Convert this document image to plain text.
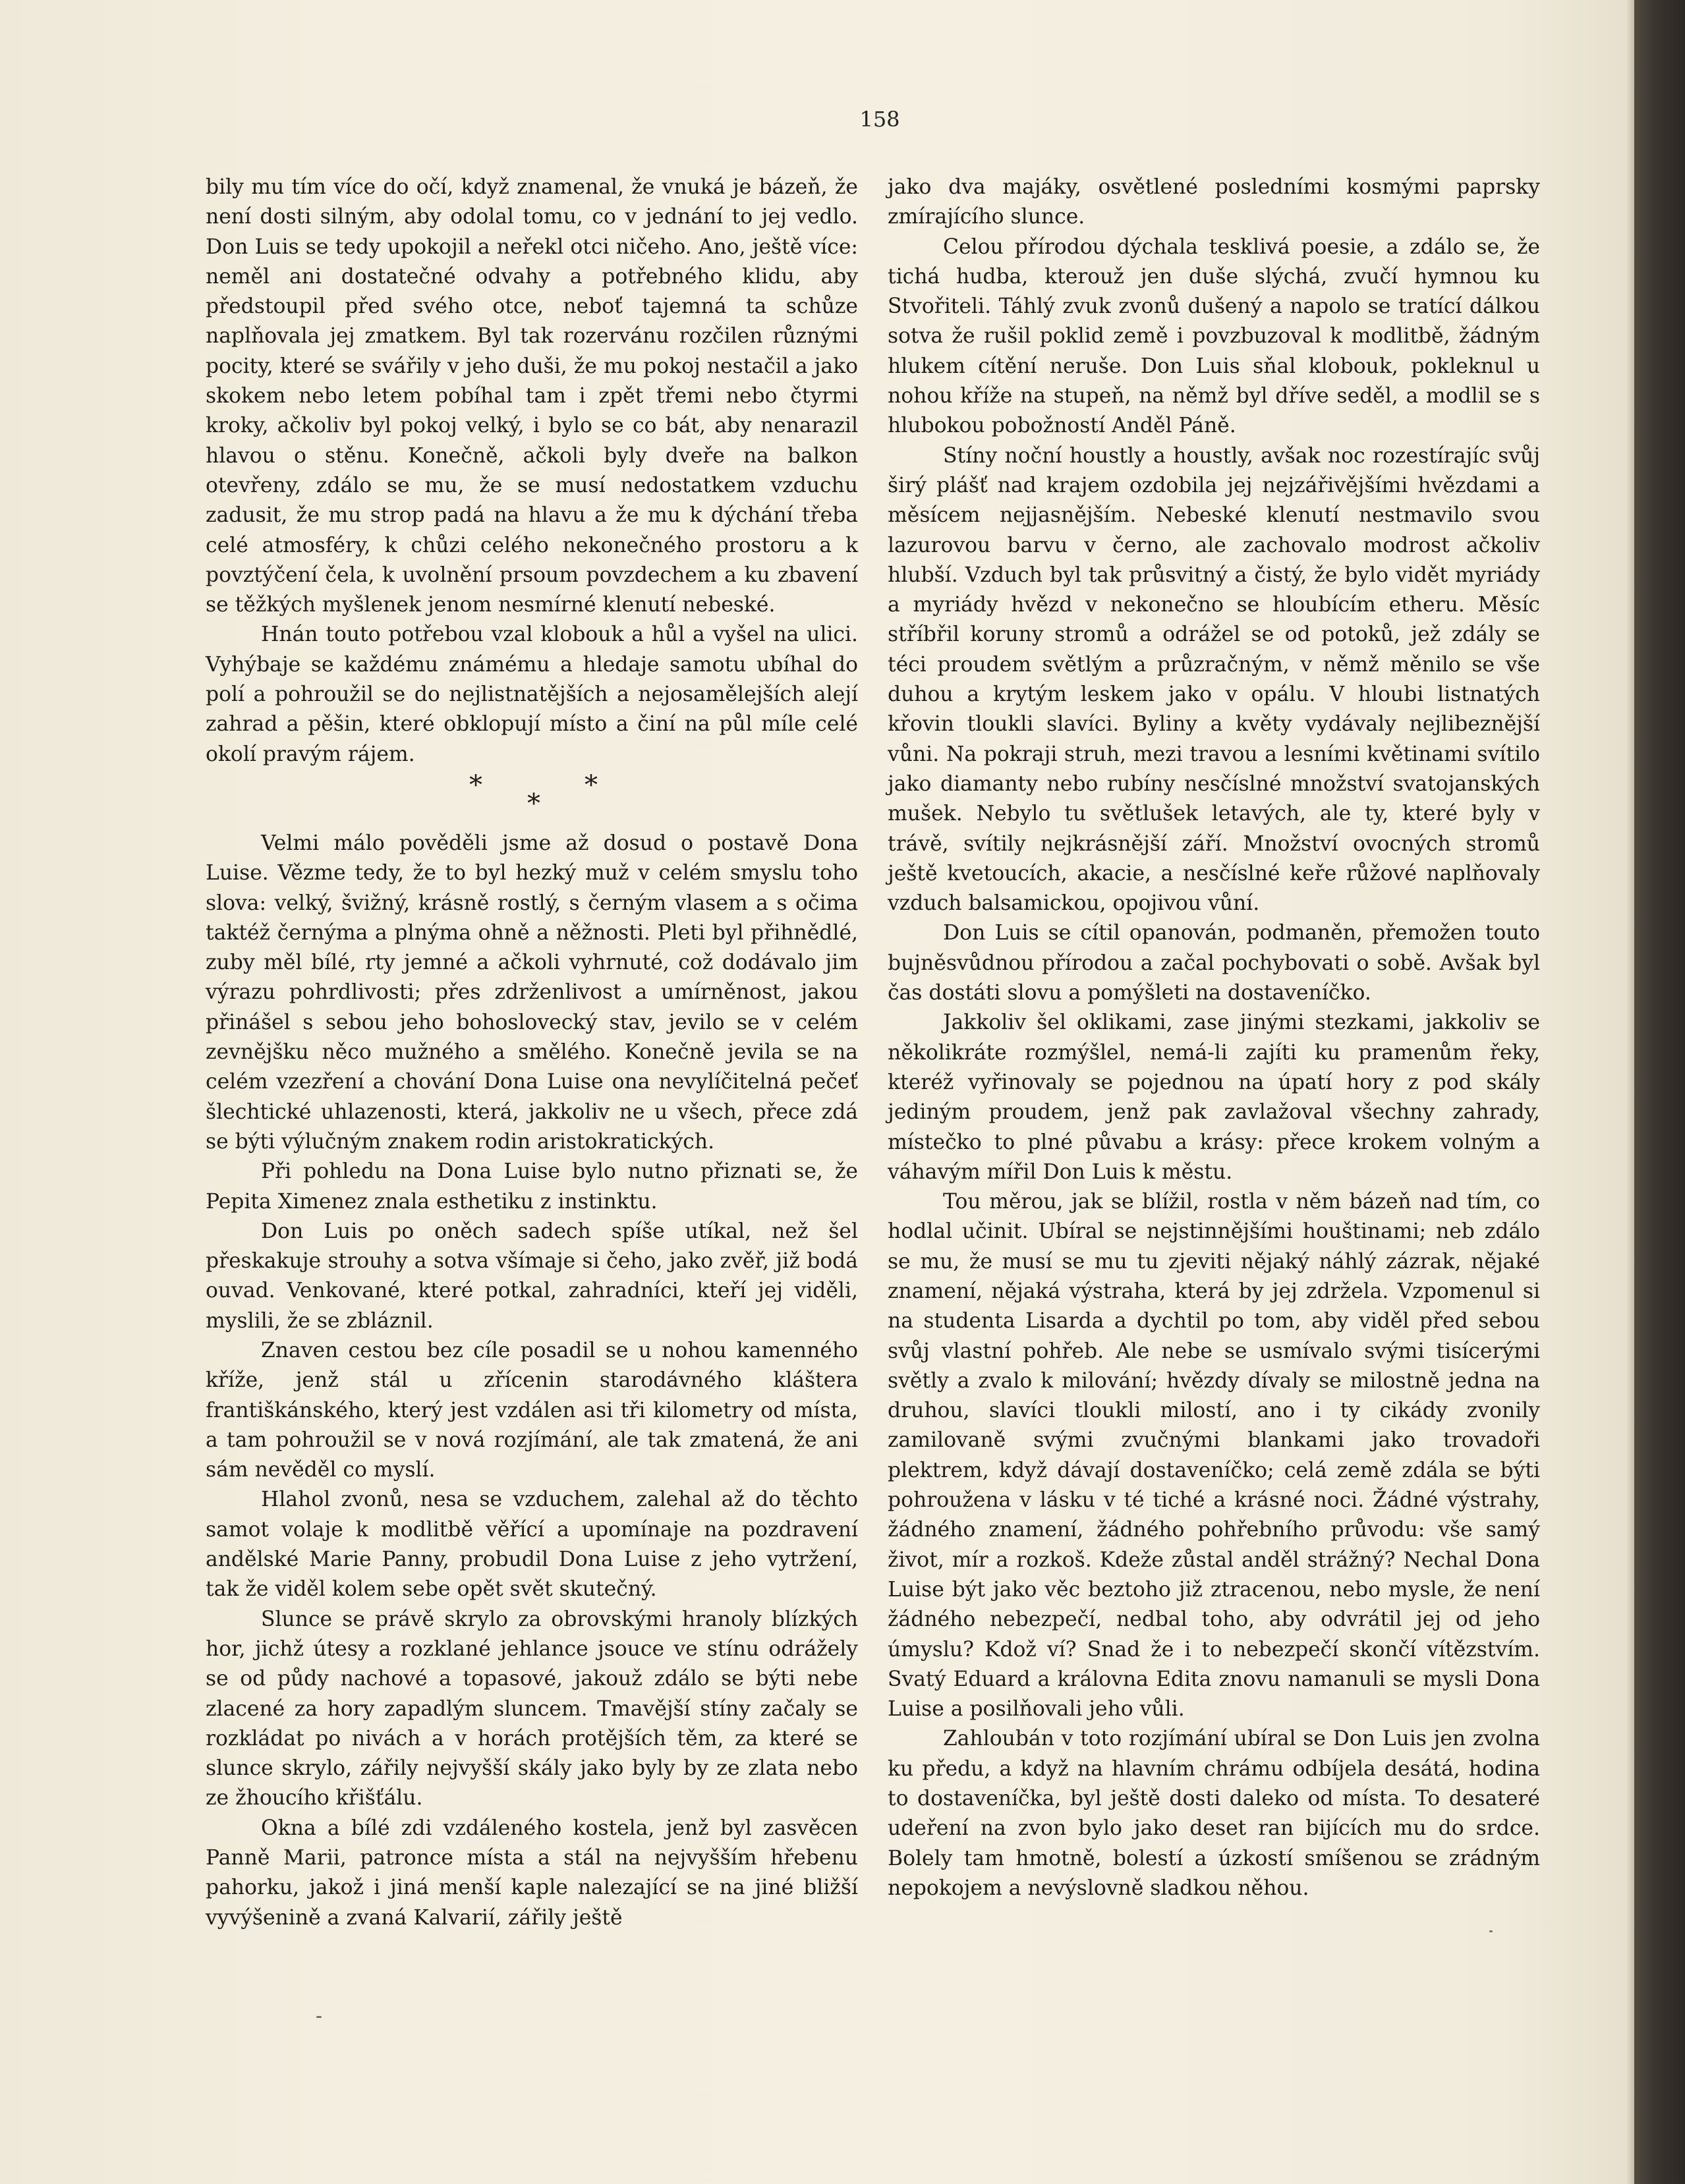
158

bily mu tím více do očí, když znamenal, že vnuká je bázeň, že není dosti silným, aby odolal tomu, co v jednání to jej vedlo. Don Luis se tedy upokojil a neřekl otci ničeho. Ano, ještě více: neměl ani dostatečné odvahy a potřebného klidu, aby předstoupil před svého otce, neboť tajemná ta schůze naplňovala jej zmatkem. Byl tak rozervánu rozčilen různými pocity, které se svářily v jeho duši, že mu pokoj nestačil a jako skokem nebo letem pobíhal tam i zpět třemi nebo čtyrmi kroky, ačkoliv byl pokoj velký, i bylo se co bát, aby nenarazil hlavou o stěnu. Konečně, ačkoli byly dveře na balkon otevřeny, zdálo se mu, že se musí nedostatkem vzduchu zadusit, že mu strop padá na hlavu a že mu k dýchání třeba celé atmosféry, k chůzi celého nekonečného prostoru a k povztýčení čela, k uvolnění prsoum povzdechem a ku zbavení se těžkých myšlenek jenom nesmírné klenutí nebeské.

Hnán touto potřebou vzal klobouk a hůl a vyšel na ulici. Vyhýbaje se každému známému a hledaje samotu ubíhal do polí a pohroužil se do nejlistnatějších a nejosamělejších alejí zahrad a pěšin, které obklopují místo a činí na půl míle celé okolí pravým rájem.

*	*
*

Velmi málo pověděli jsme až dosud o postavě Dona Luise. Vězme tedy, že to byl hezký muž v celém smyslu toho slova: velký, švižný, krásně rostlý, s černým vlasem a s očima taktéž černýma a plnýma ohně a něžnosti. Pleti byl přihnědlé, zuby měl bílé, rty jemné a ačkoli vyhrnuté, což dodávalo jim výrazu pohrdlivosti; přes zdrženlivost a umírněnost, jakou přinášel s sebou jeho bohoslovecký stav, jevilo se v celém zevnějšku něco mužného a smělého. Konečně jevila se na celém vzezření a chování Dona Luise ona nevylíčitelná pečeť šlechtické uhlazenosti, která, jakkoliv ne u všech, přece zdá se býti výlučným znakem rodin aristokratických.

Při pohledu na Dona Luise bylo nutno přiznati se, že Pepita Ximenez znala esthetiku z instinktu.

Don Luis po oněch sadech spíše utíkal, než šel přeskakuje strouhy a sotva všímaje si čeho, jako zvěř, již bodá ouvad. Venkované, které potkal, zahradníci, kteří jej viděli, myslili, že se zbláznil.

Znaven cestou bez cíle posadil se u nohou kamenného kříže, jenž stál u zřícenin starodávného kláštera františkánského, který jest vzdálen asi tři kilometry od místa, a tam pohroužil se v nová rozjímání, ale tak zmatená, že ani sám nevěděl co myslí.

Hlahol zvonů, nesa se vzduchem, zalehal až do těchto samot volaje k modlitbě věřící a upomínaje na pozdravení andělské Marie Panny, probudil Dona Luise z jeho vytržení, tak že viděl kolem sebe opět svět skutečný.

Slunce se právě skrylo za obrovskými hranoly blízkých hor, jichž útesy a rozklané jehlance jsouce ve stínu odrážely se od půdy nachové a topasové, jakouž zdálo se býti nebe zlacené za hory zapadlým sluncem. Tmavější stíny začaly se rozkládat po nivách a v horách protějších těm, za které se slunce skrylo, zářily nejvyšší skály jako byly by ze zlata nebo ze žhoucího křišťálu.

Okna a bílé zdi vzdáleného kostela, jenž byl zasvěcen Panně Marii, patronce místa a stál na nejvyšším hřebenu pahorku, jakož i jiná menší kaple nalezající se na jiné bližší vyvýšenině a zvaná Kalvarií, zářily ještě

jako dva majáky, osvětlené posledními kosmými paprsky zmírajícího slunce.

Celou přírodou dýchala tesklivá poesie, a zdálo se, že tichá hudba, kterouž jen duše slýchá, zvučí hymnou ku Stvořiteli. Táhlý zvuk zvonů dušený a napolo se tratící dálkou sotva že rušil poklid země i povzbuzoval k modlitbě, žádným hlukem cítění neruše. Don Luis sňal klobouk, pokleknul u nohou kříže na stupeň, na němž byl dříve seděl, a modlil se s hlubokou pobožností Anděl Páně.

Stíny noční houstly a houstly, avšak noc rozestírajíc svůj širý plášť nad krajem ozdobila jej nejzářivějšími hvězdami a měsícem nejjasnějším. Nebeské klenutí nestmavilo svou lazurovou barvu v černo, ale zachovalo modrost ačkoliv hlubší. Vzduch byl tak průsvitný a čistý, že bylo vidět myriády a myriády hvězd v nekonečno se hloubícím etheru. Měsíc stříbřil koruny stromů a odrážel se od potoků, jež zdály se téci proudem světlým a průzračným, v němž měnilo se vše duhou a krytým leskem jako v opálu. V hloubi listnatých křovin tloukli slavíci. Byliny a květy vydávaly nejlibeznější vůni. Na pokraji struh, mezi travou a lesními květinami svítilo jako diamanty nebo rubíny nesčíslné množství svatojanských mušek. Nebylo tu světlušek letavých, ale ty, které byly v trávě, svítily nejkrásnější září. Množství ovocných stromů ještě kvetoucích, akacie, a nesčíslné keře růžové naplňovaly vzduch balsamickou, opojivou vůní.

Don Luis se cítil opanován, podmaněn, přemožen touto bujněsvůdnou přírodou a začal pochybovati o sobě. Avšak byl čas dostáti slovu a pomýšleti na dostaveníčko.

Jakkoliv šel oklikami, zase jinými stezkami, jakkoliv se několikráte rozmýšlel, nemá-li zajíti ku pramenům řeky, kteréž vyřinovaly se pojednou na úpatí hory z pod skály jediným proudem, jenž pak zavlažoval všechny zahrady, místečko to plné půvabu a krásy: přece krokem volným a váhavým mířil Don Luis k městu.

Tou měrou, jak se blížil, rostla v něm bázeň nad tím, co hodlal učinit. Ubíral se nejstinnějšími houštinami; neb zdálo se mu, že musí se mu tu zjeviti nějaký náhlý zázrak, nějaké znamení, nějaká výstraha, která by jej zdržela. Vzpomenul si na studenta Lisarda a dychtil po tom, aby viděl před sebou svůj vlastní pohřeb. Ale nebe se usmívalo svými tisícerými světly a zvalo k milování; hvězdy dívaly se milostně jedna na druhou, slavíci tloukli milostí, ano i ty cikády zvonily zamilovaně svými zvučnými blankami jako trovadoři plektrem, když dávají dostaveníčko; celá země zdála se býti pohroužena v lásku v té tiché a krásné noci. Žádné výstrahy, žádného znamení, žádného pohřebního průvodu: vše samý život, mír a rozkoš. Kdeže zůstal anděl strážný? Nechal Dona Luise být jako věc beztoho již ztracenou, nebo mysle, že není žádného nebezpečí, nedbal toho, aby odvrátil jej od jeho úmyslu? Kdož ví? Snad že i to nebezpečí skončí vítězstvím. Svatý Eduard a královna Edita znovu namanuli se mysli Dona Luise a posilňovali jeho vůli.

Zahloubán v toto rozjímání ubíral se Don Luis jen zvolna ku předu, a když na hlavním chrámu odbíjela desátá, hodina to dostaveníčka, byl ještě dosti daleko od místa. To desateré udeření na zvon bylo jako deset ran bijících mu do srdce. Bolely tam hmotně, bolestí a úzkostí smíšenou se zrádným nepokojem a nevýslovně sladkou něhou.
